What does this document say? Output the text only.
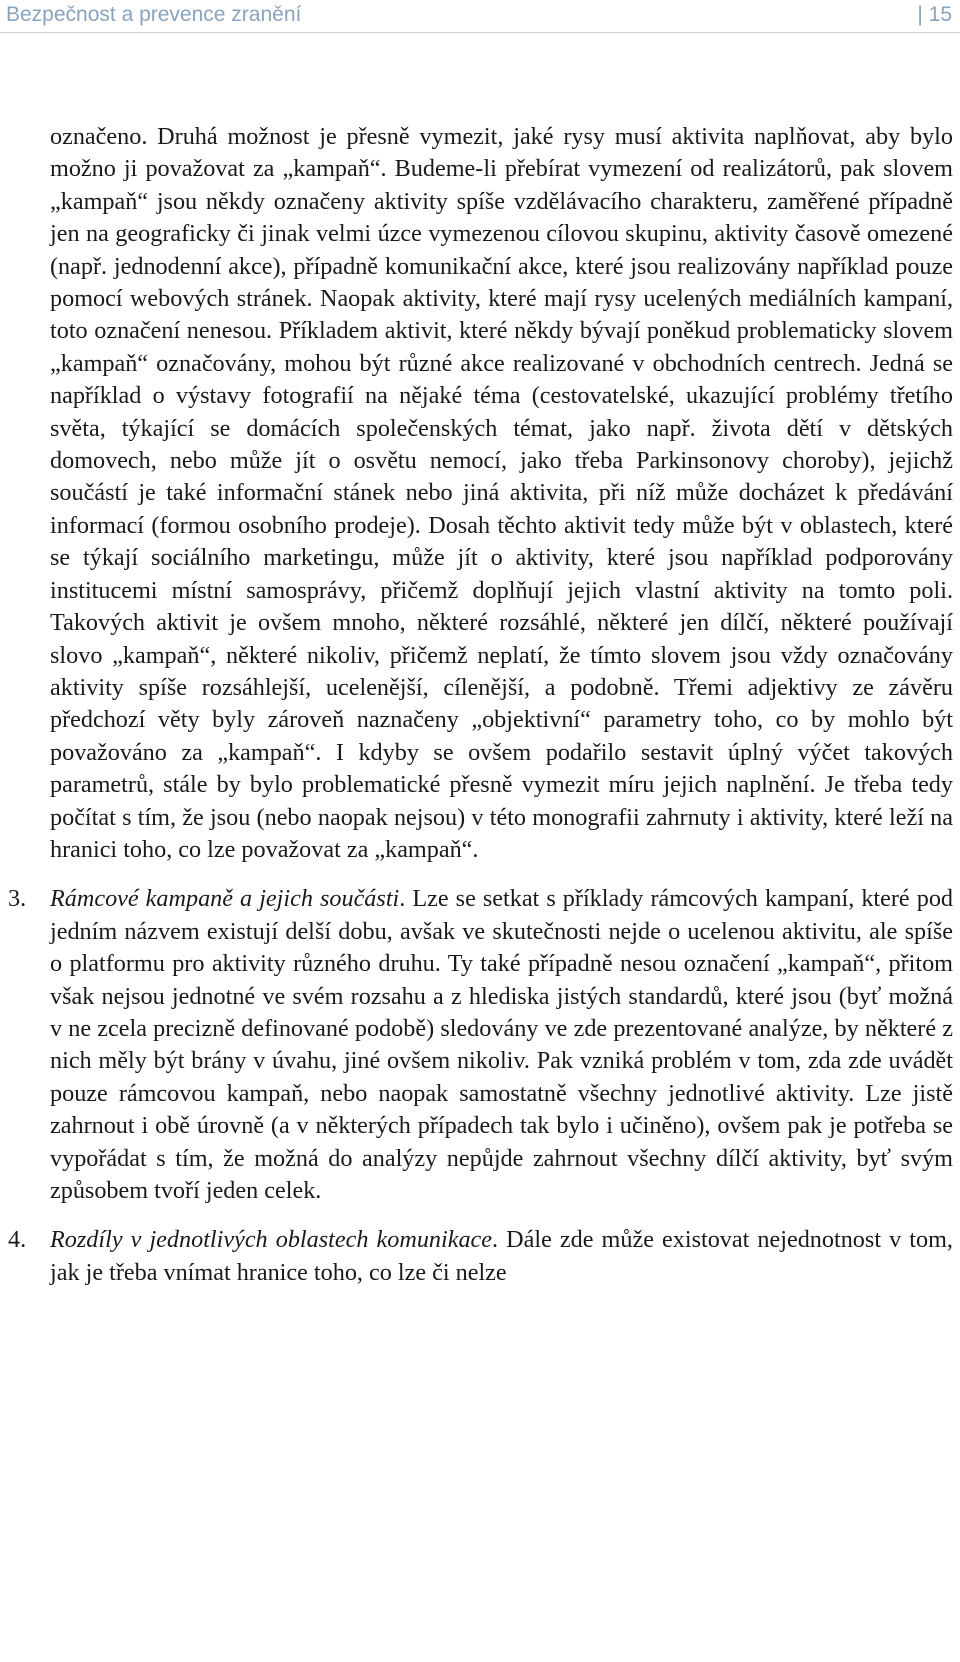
Bezpečnost a prevence zranění	| 15

označeno. Druhá možnost je přesně vymezit, jaké rysy musí aktivita naplňovat, aby bylo možno ji považovat za „kampaň“. Budeme-li přebírat vymezení od realizátorů, pak slovem „kampaň“ jsou někdy označeny aktivity spíše vzdělávacího charakteru, zaměřené případně jen na geograficky či jinak velmi úzce vymezenou cílovou skupinu, aktivity časově omezené (např. jednodenní akce), případně komunikační akce, které jsou realizovány například pouze pomocí webových stránek. Naopak aktivity, které mají rysy ucelených mediálních kampaní, toto označení nenesou. Příkladem aktivit, které někdy bývají poněkud problematicky slovem „kampaň“ označovány, mohou být různé akce realizované v obchodních centrech. Jedná se například o výstavy fotografií na nějaké téma (cestovatelské, ukazující problémy třetího světa, týkající se domácích společenských témat, jako např. života dětí v dětských domovech, nebo může jít o osvětu nemocí, jako třeba Parkinsonovy choroby), jejichž součástí je také informační stánek nebo jiná aktivita, při níž může docházet k předávání informací (formou osobního prodeje). Dosah těchto aktivit tedy může být v oblastech, které se týkají sociálního marketingu, může jít o aktivity, které jsou například podporovány institucemi místní samosprávy, přičemž doplňují jejich vlastní aktivity na tomto poli. Takových aktivit je ovšem mnoho, některé rozsáhlé, některé jen dílčí, některé používají slovo „kampaň“, některé nikoliv, přičemž neplatí, že tímto slovem jsou vždy označovány aktivity spíše rozsáhlejší, ucelenější, cílenější, a podobně. Třemi adjektivy ze závěru předchozí věty byly zároveň naznačeny „objektivní“ parametry toho, co by mohlo být považováno za „kampaň“. I kdyby se ovšem podařilo sestavit úplný výčet takových parametrů, stále by bylo problematické přesně vymezit míru jejich naplnění. Je třeba tedy počítat s tím, že jsou (nebo naopak nejsou) v této monografii zahrnuty i aktivity, které leží na hranici toho, co lze považovat za „kampaň“.

3. Rámcové kampaně a jejich součásti. Lze se setkat s příklady rámcových kampaní, které pod jedním názvem existují delší dobu, avšak ve skutečnosti nejde o ucelenou aktivitu, ale spíše o platformu pro aktivity různého druhu. Ty také případně nesou označení „kampaň“, přitom však nejsou jednotné ve svém rozsahu a z hlediska jistých standardů, které jsou (byť možná v ne zcela precizně definované podobě) sledovány ve zde prezentované analýze, by některé z nich měly být brány v úvahu, jiné ovšem nikoliv. Pak vzniká problém v tom, zda zde uvádět pouze rámcovou kampaň, nebo naopak samostatně všechny jednotlivé aktivity. Lze jistě zahrnout i obě úrovně (a v některých případech tak bylo i učiněno), ovšem pak je potřeba se vypořádat s tím, že možná do analýzy nepůjde zahrnout všechny dílčí aktivity, byť svým způsobem tvoří jeden celek.

4. Rozdíly v jednotlivých oblastech komunikace. Dále zde může existovat nejednotnost v tom, jak je třeba vnímat hranice toho, co lze či nelze
